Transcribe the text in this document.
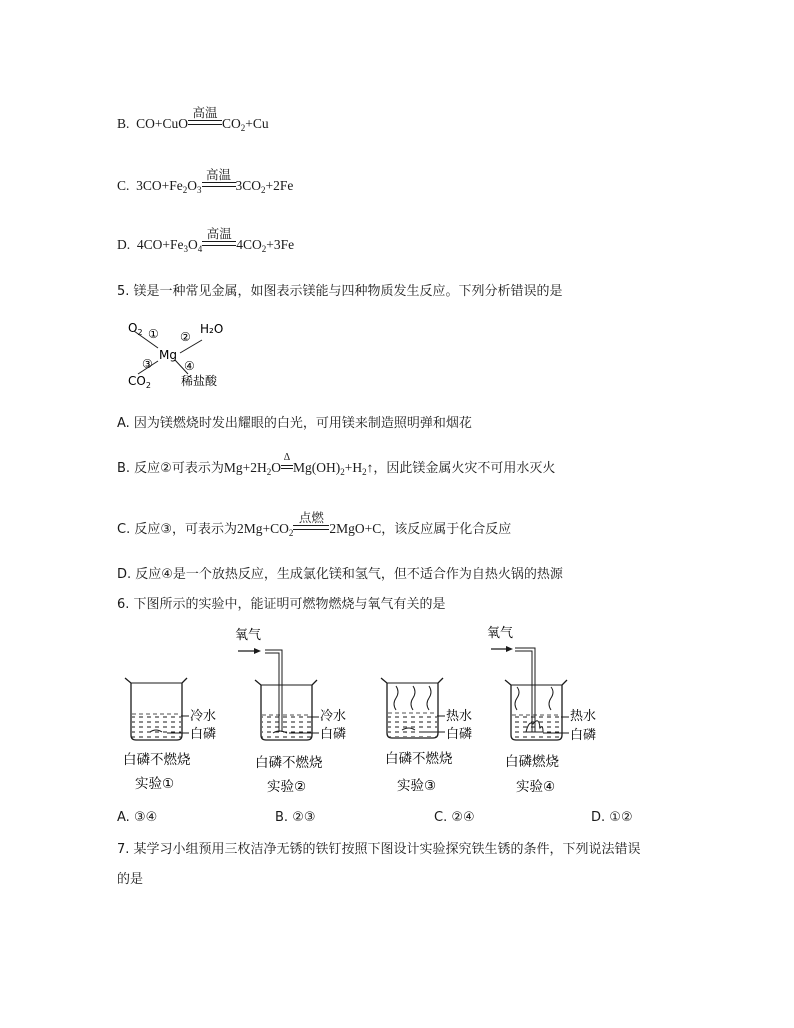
B. CO+CuO
高温
$CO_2+Cu$
C. $3CO+Fe_2O_3$
高温
$3CO_2+2Fe$
D. $4CO+Fe_3O_4$
高温
$4CO_2+3Fe$
5. 镁是一种常见金属，如图表示镁能与四种物质发生反应。下列分析错误的是
$O_2$ ① ②
H₂O
Mg
③	④
$CO_2$	稀盐酸
A. 因为镁燃烧时发出耀眼的白光，可用镁来制造照明弹和烟花
B. 反应②可表示为$Mg+2H_2O$
Δ
$Mg(OH)_2+H_2↑$，因此镁金属火灾不可用水灭火
C. 反应③，可表示为$2Mg+CO_2$
点燃
2MgO+C，该反应属于化合反应
D. 反应④是一个放热反应，生成氯化镁和氢气，但不适合作为自热火锅的热源
6. 下图所示的实验中，能证明可燃物燃烧与氧气有关的是
冷水
白磷
白磷不燃烧
实验①
氧气
冷水
白磷
白磷不燃烧
实验②
热水
白磷
白磷不燃烧
实验③
氧气
热水
白磷
白磷燃烧
实验④
A. ③④	B. ②③	C. ②④	D. ①②
7. 某学习小组预用三枚洁净无锈的铁钉按照下图设计实验探究铁生锈的条件，下列说法错误
的是
